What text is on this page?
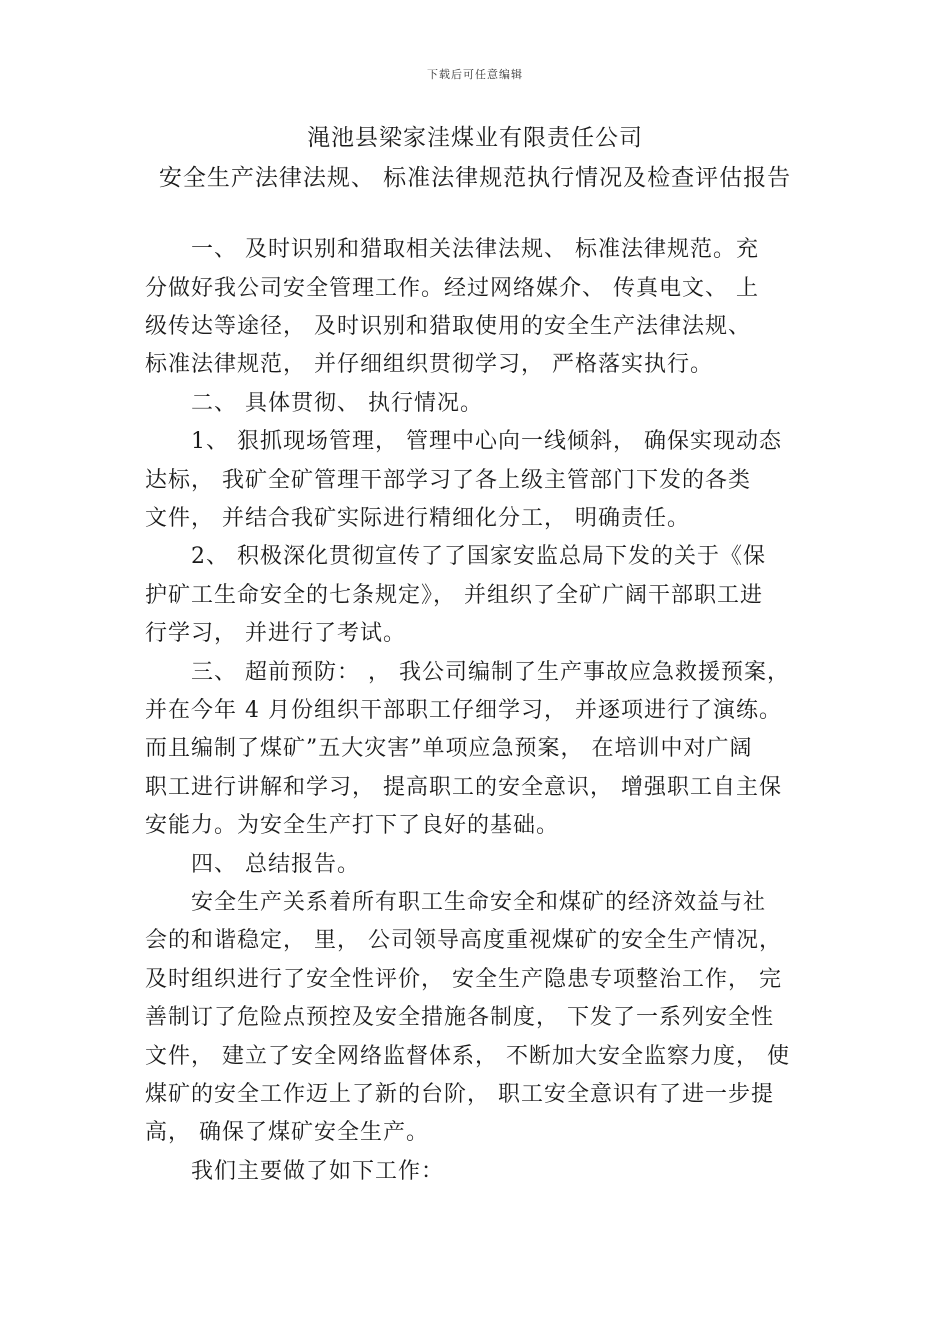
下载后可任意编辑
渑池县梁家洼煤业有限责任公司
安全生产法律法规、 标准法律规范执行情况及检查评估报告
　　一、 及时识别和猎取相关法律法规、 标准法律规范。充
分做好我公司安全管理工作。经过网络媒介、 传真电文、 上
级传达等途径， 及时识别和猎取使用的安全生产法律法规、
标准法律规范， 并仔细组织贯彻学习， 严格落实执行。
　　二、 具体贯彻、 执行情况。
　　1、 狠抓现场管理， 管理中心向一线倾斜， 确保实现动态
达标， 我矿全矿管理干部学习了各上级主管部门下发的各类
文件， 并结合我矿实际进行精细化分工， 明确责任。
　　2、 积极深化贯彻宣传了了国家安监总局下发的关于《保
护矿工生命安全的七条规定》， 并组织了全矿广阔干部职工进
行学习， 并进行了考试。
　　三、 超前预防： ， 我公司编制了生产事故应急救援预案，
并在今年 4 月份组织干部职工仔细学习， 并逐项进行了演练。
而且编制了煤矿”五大灾害”单项应急预案， 在培训中对广阔
职工进行讲解和学习， 提高职工的安全意识， 增强职工自主保
安能力。为安全生产打下了良好的基础。
　　四、 总结报告。
　　安全生产关系着所有职工生命安全和煤矿的经济效益与社
会的和谐稳定， 里， 公司领导高度重视煤矿的安全生产情况，
及时组织进行了安全性评价， 安全生产隐患专项整治工作， 完
善制订了危险点预控及安全措施各制度， 下发了一系列安全性
文件， 建立了安全网络监督体系， 不断加大安全监察力度， 使
煤矿的安全工作迈上了新的台阶， 职工安全意识有了进一步提
高， 确保了煤矿安全生产。
　　我们主要做了如下工作：
